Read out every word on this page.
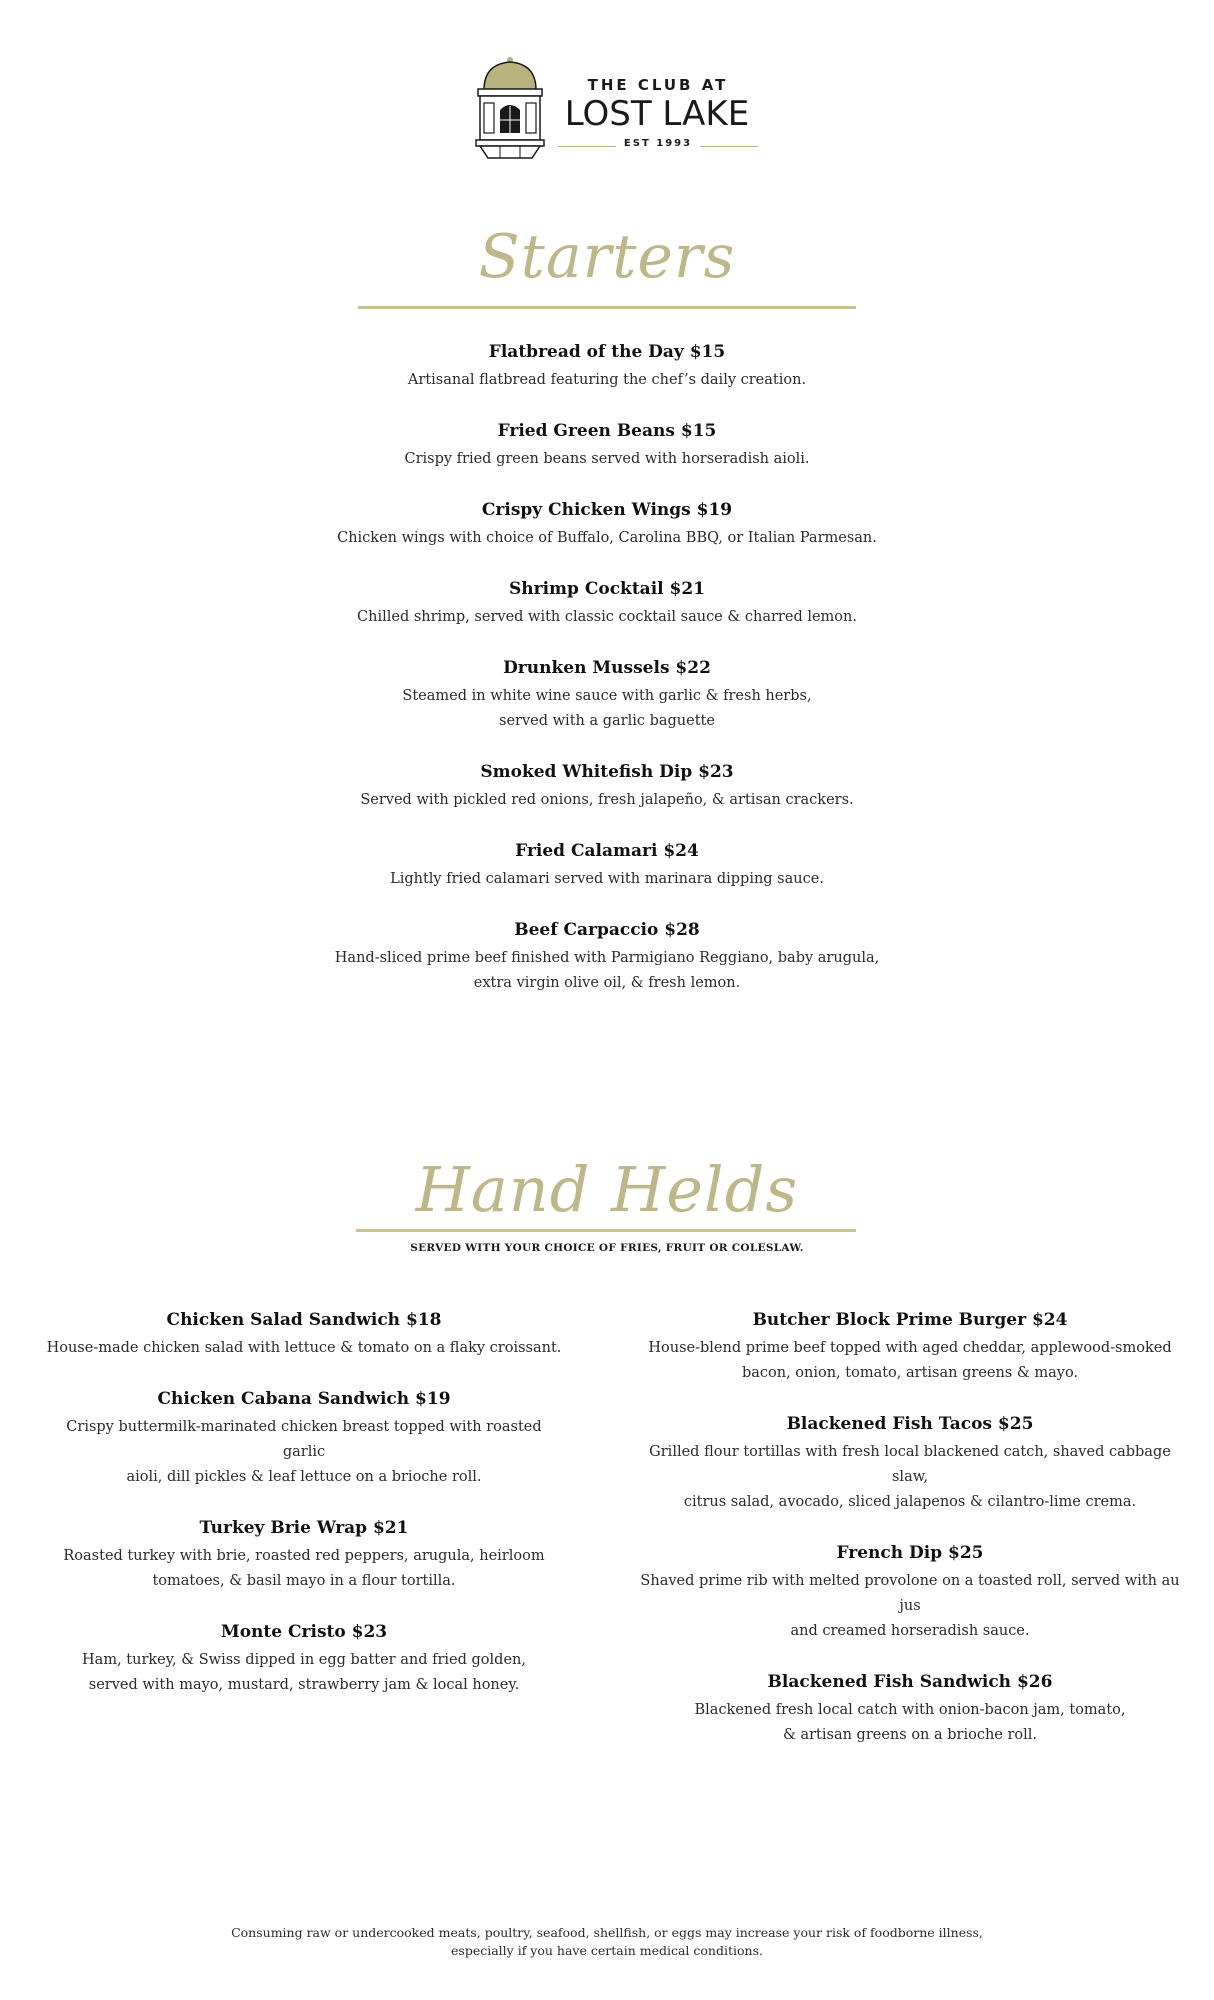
THE CLUB AT
LOST LAKE
EST 1993
Starters
Flatbread of the Day $15
Artisanal flatbread featuring the chef’s daily creation.
Fried Green Beans $15
Crispy fried green beans served with horseradish aioli.
Crispy Chicken Wings $19
Chicken wings with choice of Buffalo, Carolina BBQ, or Italian Parmesan.
Shrimp Cocktail $21
Chilled shrimp, served with classic cocktail sauce & charred lemon.
Drunken Mussels $22
Steamed in white wine sauce with garlic & fresh herbs,
served with a garlic baguette
Smoked Whitefish Dip $23
Served with pickled red onions, fresh jalapeño, & artisan crackers.
Fried Calamari $24
Lightly fried calamari served with marinara dipping sauce.
Beef Carpaccio $28
Hand-sliced prime beef finished with Parmigiano Reggiano, baby arugula,
extra virgin olive oil, & fresh lemon.
Hand Helds
SERVED WITH YOUR CHOICE OF FRIES, FRUIT OR COLESLAW.
Chicken Salad Sandwich $18
House-made chicken salad with lettuce & tomato on a flaky croissant.
Chicken Cabana Sandwich $19
Crispy buttermilk-marinated chicken breast topped with roasted garlic
aioli, dill pickles & leaf lettuce on a brioche roll.
Turkey Brie Wrap $21
Roasted turkey with brie, roasted red peppers, arugula, heirloom
tomatoes, & basil mayo in a flour tortilla.
Monte Cristo $23
Ham, turkey, & Swiss dipped in egg batter and fried golden,
served with mayo, mustard, strawberry jam & local honey.
Butcher Block Prime Burger $24
House-blend prime beef topped with aged cheddar, applewood-smoked
bacon, onion, tomato, artisan greens & mayo.
Blackened Fish Tacos $25
Grilled flour tortillas with fresh local blackened catch, shaved cabbage slaw,
citrus salad, avocado, sliced jalapenos & cilantro-lime crema.
French Dip $25
Shaved prime rib with melted provolone on a toasted roll, served with au jus
and creamed horseradish sauce.
Blackened Fish Sandwich $26
Blackened fresh local catch with onion-bacon jam, tomato,
& artisan greens on a brioche roll.
Consuming raw or undercooked meats, poultry, seafood, shellfish, or eggs may increase your risk of foodborne illness,
especially if you have certain medical conditions.
